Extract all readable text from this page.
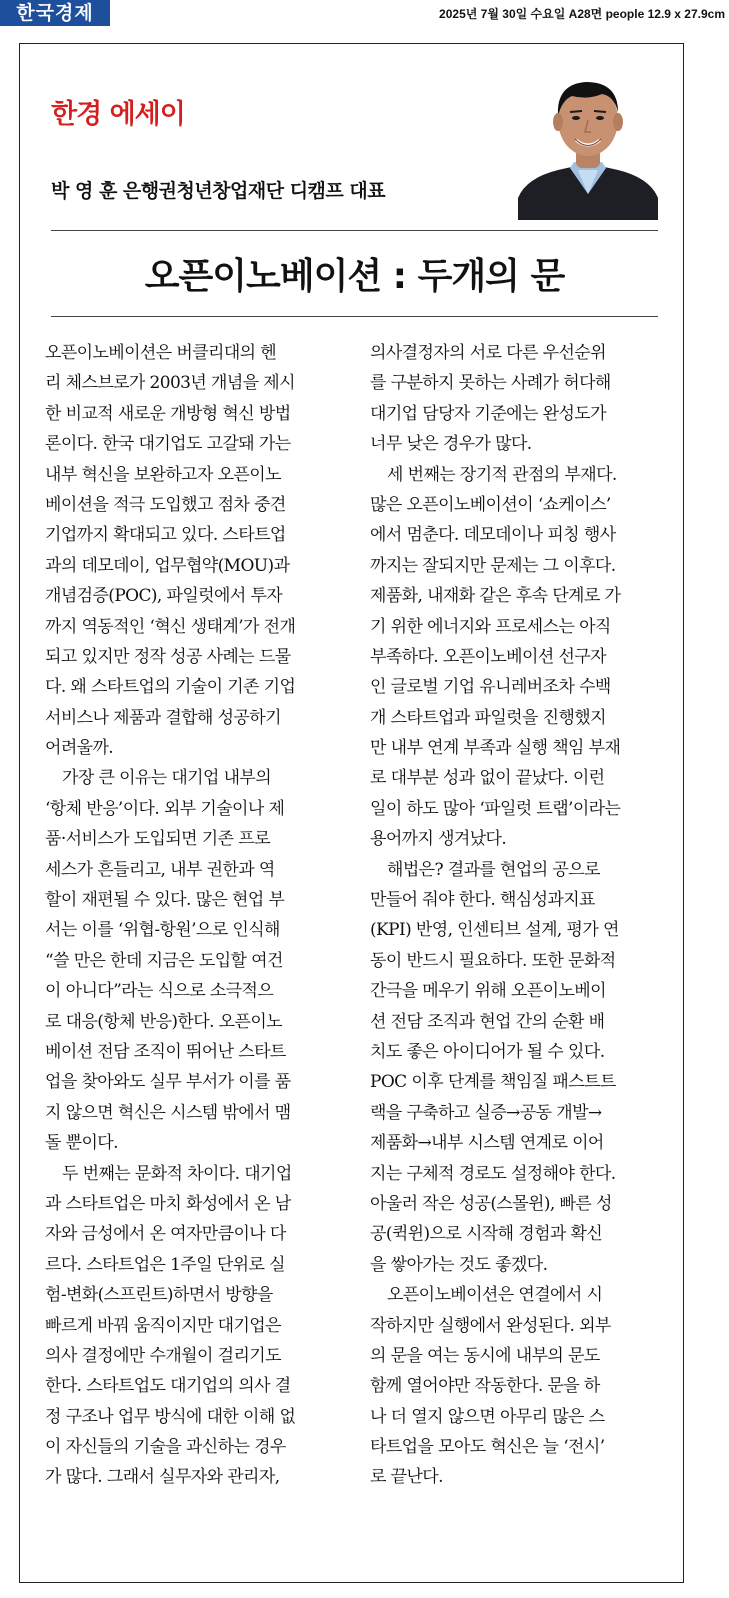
한국경제	2025년 7월 30일 수요일 A28면 people 12.9 x 27.9cm
한경 에세이
박 영 훈 은행권청년창업재단 디캠프 대표
오픈이노베이션 : 두개의 문
오픈이노베이션은 버클리대의 헨
리 체스브로가 2003년 개념을 제시
한 비교적 새로운 개방형 혁신 방법
론이다. 한국 대기업도 고갈돼 가는
내부 혁신을 보완하고자 오픈이노
베이션을 적극 도입했고 점차 중견
기업까지 확대되고 있다. 스타트업
과의 데모데이, 업무협약(MOU)과
개념검증(POC), 파일럿에서 투자
까지 역동적인 ‘혁신 생태계’가 전개
되고 있지만 정작 성공 사례는 드물
다. 왜 스타트업의 기술이 기존 기업
서비스나 제품과 결합해 성공하기
어려울까.
가장 큰 이유는 대기업 내부의
‘항체 반응’이다. 외부 기술이나 제
품·서비스가 도입되면 기존 프로
세스가 흔들리고, 내부 권한과 역
할이 재편될 수 있다. 많은 현업 부
서는 이를 ‘위협-항원’으로 인식해
“쓸 만은 한데 지금은 도입할 여건
이 아니다”라는 식으로 소극적으
로 대응(항체 반응)한다. 오픈이노
베이션 전담 조직이 뛰어난 스타트
업을 찾아와도 실무 부서가 이를 품
지 않으면 혁신은 시스템 밖에서 맴
돌 뿐이다.
두 번째는 문화적 차이다. 대기업
과 스타트업은 마치 화성에서 온 남
자와 금성에서 온 여자만큼이나 다
르다. 스타트업은 1주일 단위로 실
험-변화(스프린트)하면서 방향을
빠르게 바꿔 움직이지만 대기업은
의사 결정에만 수개월이 걸리기도
한다. 스타트업도 대기업의 의사 결
정 구조나 업무 방식에 대한 이해 없
이 자신들의 기술을 과신하는 경우
가 많다. 그래서 실무자와 관리자,
의사결정자의 서로 다른 우선순위
를 구분하지 못하는 사례가 허다해
대기업 담당자 기준에는 완성도가
너무 낮은 경우가 많다.
세 번째는 장기적 관점의 부재다.
많은 오픈이노베이션이 ‘쇼케이스’
에서 멈춘다. 데모데이나 피칭 행사
까지는 잘되지만 문제는 그 이후다.
제품화, 내재화 같은 후속 단계로 가
기 위한 에너지와 프로세스는 아직
부족하다. 오픈이노베이션 선구자
인 글로벌 기업 유니레버조차 수백
개 스타트업과 파일럿을 진행했지
만 내부 연계 부족과 실행 책임 부재
로 대부분 성과 없이 끝났다. 이런
일이 하도 많아 ‘파일럿 트랩’이라는
용어까지 생겨났다.
해법은? 결과를 현업의 공으로
만들어 줘야 한다. 핵심성과지표
(KPI) 반영, 인센티브 설계, 평가 연
동이 반드시 필요하다. 또한 문화적
간극을 메우기 위해 오픈이노베이
션 전담 조직과 현업 간의 순환 배
치도 좋은 아이디어가 될 수 있다.
POC 이후 단계를 책임질 패스트트
랙을 구축하고 실증→공동 개발→
제품화→내부 시스템 연계로 이어
지는 구체적 경로도 설정해야 한다.
아울러 작은 성공(스몰윈), 빠른 성
공(퀵윈)으로 시작해 경험과 확신
을 쌓아가는 것도 좋겠다.
오픈이노베이션은 연결에서 시
작하지만 실행에서 완성된다. 외부
의 문을 여는 동시에 내부의 문도
함께 열어야만 작동한다. 문을 하
나 더 열지 않으면 아무리 많은 스
타트업을 모아도 혁신은 늘 ‘전시’
로 끝난다.
